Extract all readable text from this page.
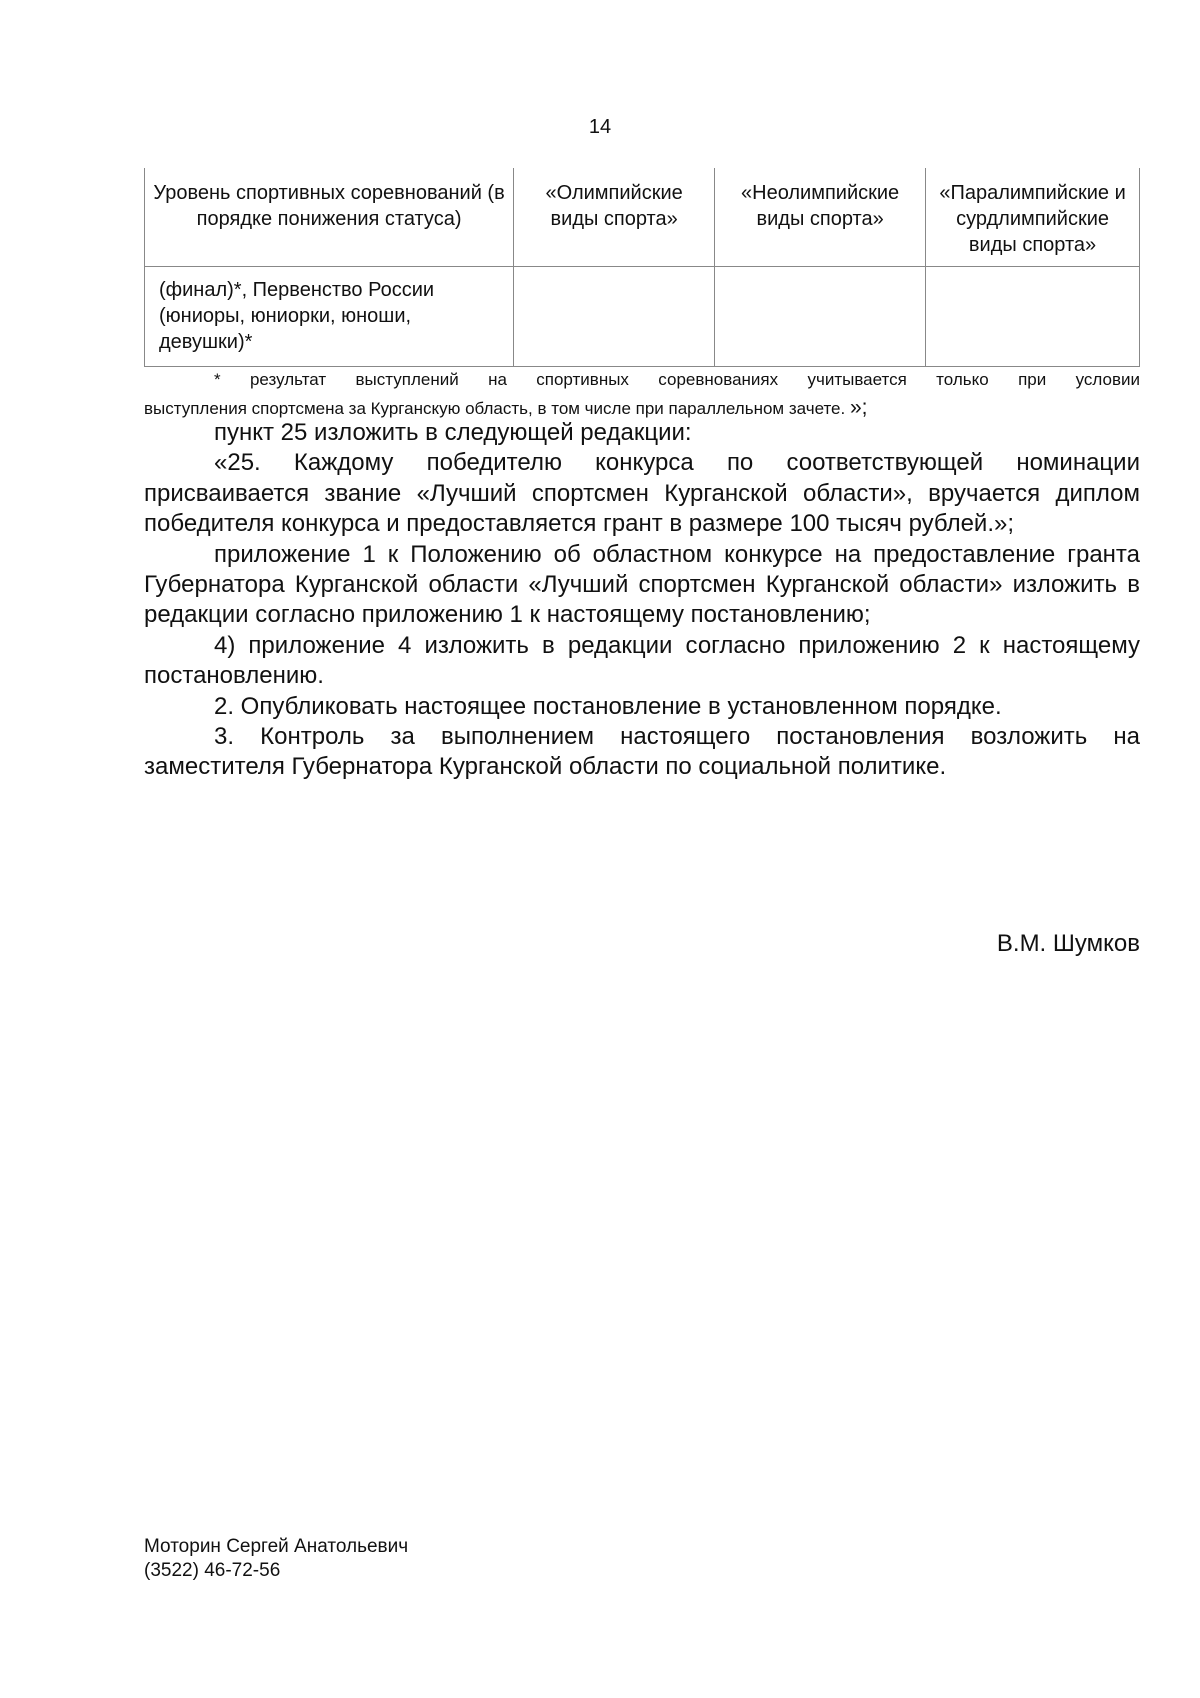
14
Уровень спортивных соревнований (в порядке понижения статуса)	«Олимпийские виды спорта»	«Неолимпийские виды спорта»	«Паралимпийские и сурдлимпийские виды спорта»
(финал)*, Первенство России (юниоры, юниорки, юноши, девушки)*			
* результат выступлений на спортивных соревнованиях учитывается только при условии
выступления спортсмена за Курганскую область, в том числе при параллельном зачете. »;

пункт 25 изложить в следующей редакции:

«25. Каждому победителю конкурса по соответствующей номинации присваивается звание «Лучший спортсмен Курганской области», вручается диплом победителя конкурса и предоставляется грант в размере 100 тысяч рублей.»;

приложение 1 к Положению об областном конкурсе на предоставление гранта Губернатора Курганской области «Лучший спортсмен Курганской области» изложить в редакции согласно приложению 1 к настоящему постановлению;

4) приложение 4 изложить в редакции согласно приложению 2 к настоящему постановлению.

2. Опубликовать настоящее постановление в установленном порядке.

3. Контроль за выполнением настоящего постановления возложить на заместителя Губернатора Курганской области по социальной политике.

В.М. Шумков
Моторин Сергей Анатольевич
(3522) 46-72-56
